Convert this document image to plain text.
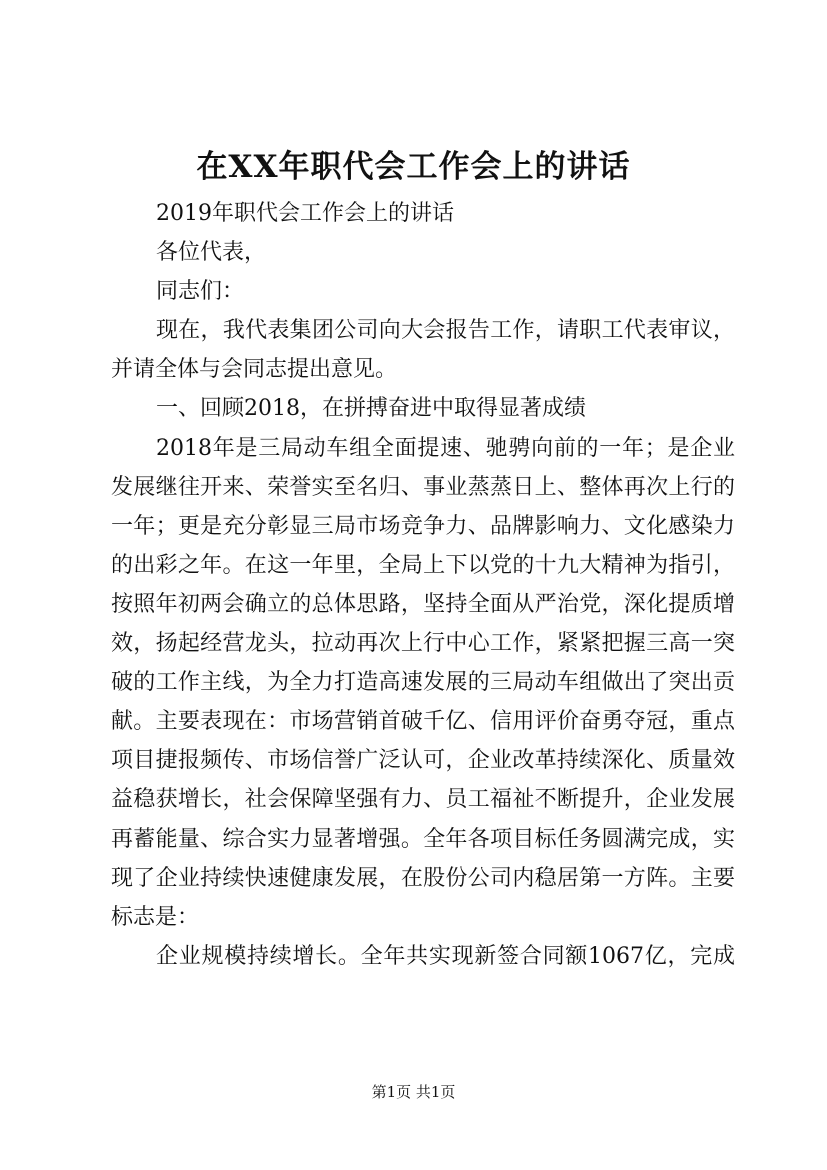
在XX年职代会工作会上的讲话

2019年职代会工作会上的讲话

各位代表，

同志们：

现在，我代表集团公司向大会报告工作，请职工代表审议，
并请全体与会同志提出意见。

一、回顾2018，在拼搏奋进中取得显著成绩

2018年是三局动车组全面提速、驰骋向前的一年；是企业
发展继往开来、荣誉实至名归、事业蒸蒸日上、整体再次上行的
一年；更是充分彰显三局市场竞争力、品牌影响力、文化感染力
的出彩之年。在这一年里，全局上下以党的十九大精神为指引，
按照年初两会确立的总体思路，坚持全面从严治党，深化提质增
效，扬起经营龙头，拉动再次上行中心工作，紧紧把握三高一突
破的工作主线，为全力打造高速发展的三局动车组做出了突出贡
献。主要表现在：市场营销首破千亿、信用评价奋勇夺冠，重点
项目捷报频传、市场信誉广泛认可，企业改革持续深化、质量效
益稳获增长，社会保障坚强有力、员工福祉不断提升，企业发展
再蓄能量、综合实力显著增强。全年各项目标任务圆满完成，实
现了企业持续快速健康发展，在股份公司内稳居第一方阵。主要
标志是：

企业规模持续增长。全年共实现新签合同额1067亿，完成

第1页 共1页
